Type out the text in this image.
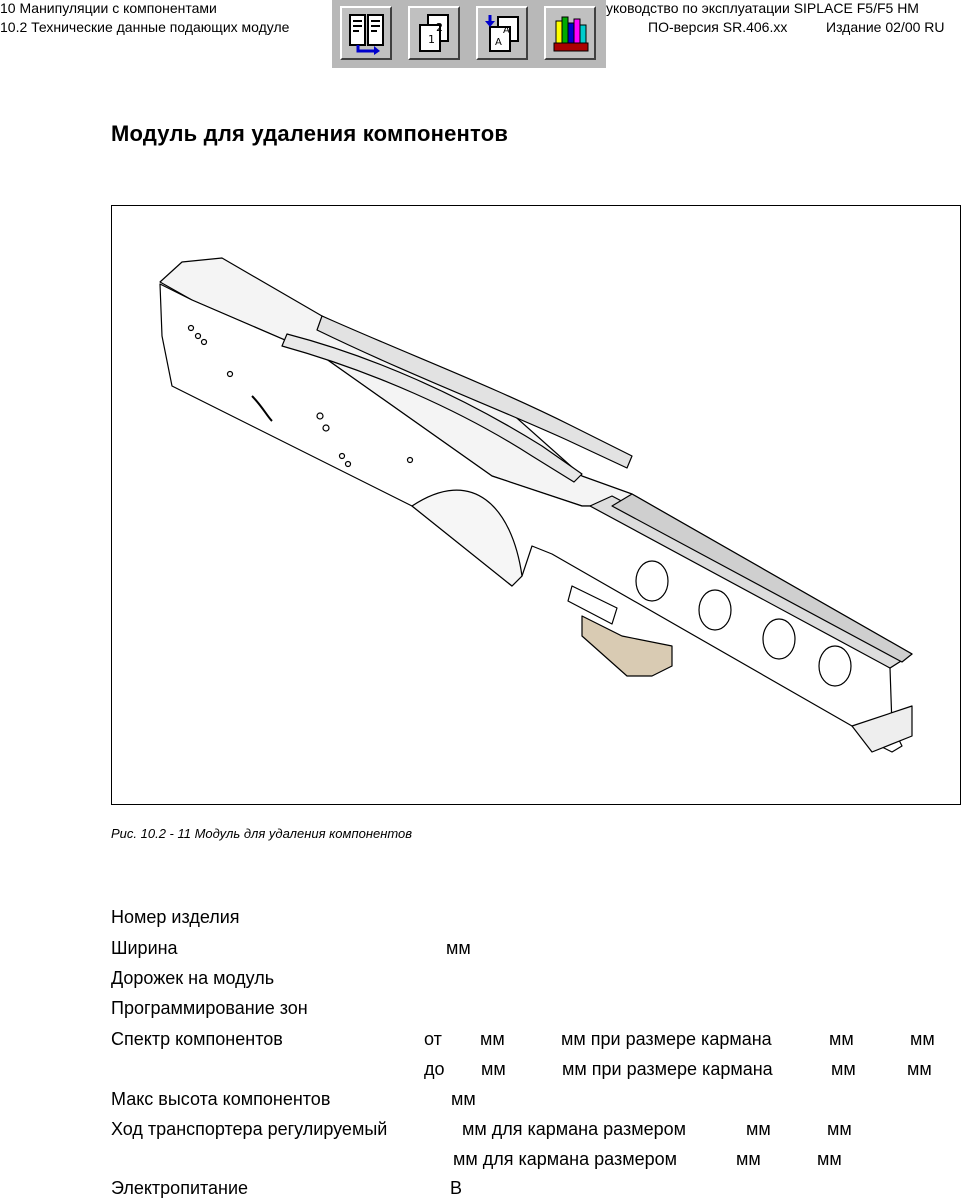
10 Манипуляции с компонентами
10.2 Технические данные подающих модуле
уководство по эксплуатации SIPLACE F5/F5 HM
ПО-версия SR.406.xx	Издание 02/00 RU
2
1
A
A
Модуль для удаления компонентов
Рис. 10.2 - 11 Модуль для удаления компонентов
Номер изделия
Ширина	мм
Дорожек на модуль
Программирование зон
Спектр компонентов	от мм	мм при размере кармана	мм	мм
до мм	мм при размере кармана	мм	мм
Макс высота компонентов	мм
Ход транспортера регулируемый	мм для кармана размером	мм	мм
мм для кармана размером	мм	мм
Электропитание	В
